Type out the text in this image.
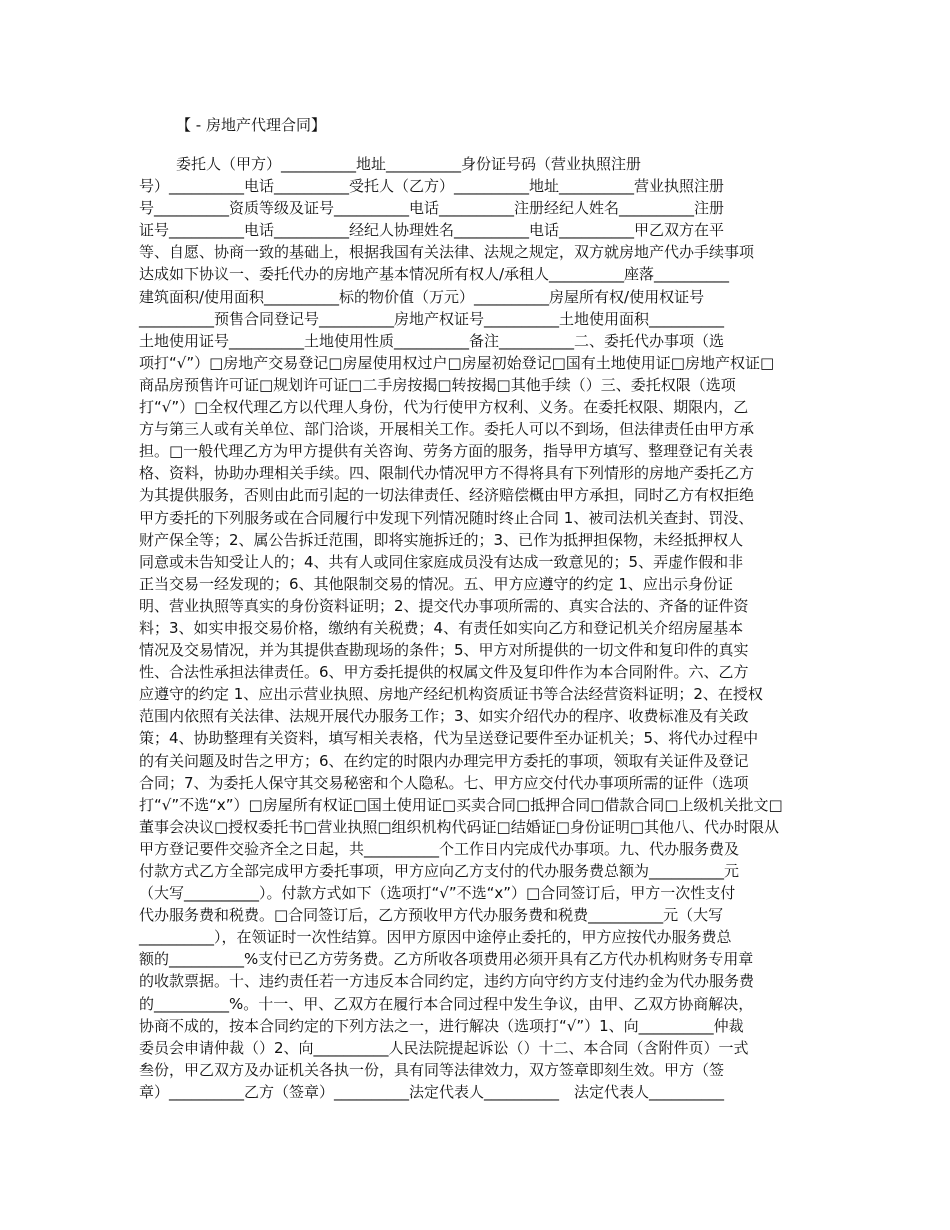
【 - 房地产代理合同】
委托人（甲方）__________地址__________身份证号码（营业执照注册
号）__________电话__________受托人（乙方）__________地址__________营业执照注册
号__________资质等级及证号__________电话__________注册经纪人姓名__________注册
证号__________电话__________经纪人协理姓名__________电话__________甲乙双方在平
等、自愿、协商一致的基础上，根据我国有关法律、法规之规定，双方就房地产代办手续事项
达成如下协议一、委托代办的房地产基本情况所有权人/承租人__________座落__________
建筑面积/使用面积__________标的物价值（万元）__________房屋所有权/使用权证号
__________预售合同登记号__________房地产权证号__________土地使用面积__________
土地使用证号__________土地使用性质__________备注__________二、委托代办事项（选
项打“√”）□房地产交易登记□房屋使用权过户□房屋初始登记□国有土地使用证□房地产权证□
商品房预售许可证□规划许可证□二手房按揭□转按揭□其他手续（）三、委托权限（选项
打“√”）□全权代理乙方以代理人身份，代为行使甲方权利、义务。在委托权限、期限内，乙
方与第三人或有关单位、部门洽谈，开展相关工作。委托人可以不到场，但法律责任由甲方承
担。□一般代理乙方为甲方提供有关咨询、劳务方面的服务，指导甲方填写、整理登记有关表
格、资料，协助办理相关手续。四、限制代办情况甲方不得将具有下列情形的房地产委托乙方
为其提供服务，否则由此而引起的一切法律责任、经济赔偿概由甲方承担，同时乙方有权拒绝
甲方委托的下列服务或在合同履行中发现下列情况随时终止合同 1、被司法机关查封、罚没、
财产保全等；2、属公告拆迁范围，即将实施拆迁的；3、已作为抵押担保物，未经抵押权人
同意或未告知受让人的；4、共有人或同住家庭成员没有达成一致意见的；5、弄虚作假和非
正当交易一经发现的；6、其他限制交易的情况。五、甲方应遵守的约定 1、应出示身份证
明、营业执照等真实的身份资料证明；2、提交代办事项所需的、真实合法的、齐备的证件资
料；3、如实申报交易价格，缴纳有关税费；4、有责任如实向乙方和登记机关介绍房屋基本
情况及交易情况，并为其提供查勘现场的条件；5、甲方对所提供的一切文件和复印件的真实
性、合法性承担法律责任。6、甲方委托提供的权属文件及复印件作为本合同附件。六、乙方
应遵守的约定 1、应出示营业执照、房地产经纪机构资质证书等合法经营资料证明；2、在授权
范围内依照有关法律、法规开展代办服务工作；3、如实介绍代办的程序、收费标准及有关政
策；4、协助整理有关资料，填写相关表格，代为呈送登记要件至办证机关；5、将代办过程中
的有关问题及时告之甲方；6、在约定的时限内办理完甲方委托的事项，领取有关证件及登记
合同；7、为委托人保守其交易秘密和个人隐私。七、甲方应交付代办事项所需的证件（选项
打“√”不选“x”）□房屋所有权证□国土使用证□买卖合同□抵押合同□借款合同□上级机关批文□
董事会决议□授权委托书□营业执照□组织机构代码证□结婚证□身份证明□其他八、代办时限从
甲方登记要件交验齐全之日起，共__________个工作日内完成代办事项。九、代办服务费及
付款方式乙方全部完成甲方委托事项，甲方应向乙方支付的代办服务费总额为__________元
（大写__________）。付款方式如下（选项打“√”不选“x”）□合同签订后，甲方一次性支付
代办服务费和税费。□合同签订后，乙方预收甲方代办服务费和税费__________元（大写
__________），在领证时一次性结算。因甲方原因中途停止委托的，甲方应按代办服务费总
额的__________%支付已乙方劳务费。乙方所收各项费用必须开具有乙方代办机构财务专用章
的收款票据。十、违约责任若一方违反本合同约定，违约方向守约方支付违约金为代办服务费
的__________%。十一、甲、乙双方在履行本合同过程中发生争议，由甲、乙双方协商解决，
协商不成的，按本合同约定的下列方法之一，进行解决（选项打“√”）1、向__________仲裁
委员会申请仲裁（）2、向__________人民法院提起诉讼（）十二、本合同（含附件页）一式
叁份，甲乙双方及办证机关各执一份，具有同等法律效力，双方签章即刻生效。甲方（签
章）__________乙方（签章）__________法定代表人__________　法定代表人__________
